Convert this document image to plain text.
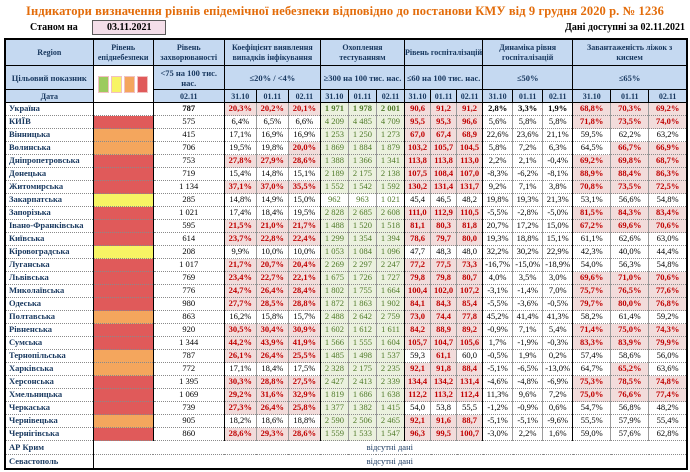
Індикатори визначення рівнів епідемічної небезпеки відповідно до постанови КМУ від 9 грудня 2020 р. № 1236
Станом на	03.11.2021	Дані доступні за 02.11.2021
Region	Рівень епіднебезпеки	Рівень захворюваності	Коефіцієнт виявлення випадків інфікування			Охоплення тестуванням			Рівень госпіталізацій			Динаміка рівня госпіталізацій			Завантаженість ліжок з киснем		
Цільовий показник		<75 на 100 тис. нас.	≤20% / <4%			≥300 на 100 тис. нас.			≤60 на 100 тис. нас.			≤50%			≤65%		
Дата		02.11	31.10	01.11	02.11	31.10	01.11	02.11	31.10	01.11	02.11	31.10	01.11	02.11	31.10	01.11	02.11
Україна		787	20,3%	20,2%	20,1%	1 971	1 978	2 001	90,6	91,2	91,2	2,8%	3,3%	1,9%	68,8%	70,3%	69,2%
КИЇВ		575	6,4%	6,5%	6,6%	4 209	4 485	4 709	95,5	95,3	96,6	5,6%	5,8%	5,8%	71,8%	73,5%	74,0%
Вінницька		415	17,1%	16,9%	16,9%	1 253	1 250	1 273	67,0	67,4	68,9	22,6%	23,6%	21,1%	59,5%	62,2%	63,2%
Волинська		706	19,5%	19,8%	20,0%	1 869	1 884	1 879	103,2	105,7	104,5	5,8%	7,2%	6,3%	64,5%	66,7%	66,9%
Дніпропетровська		753	27,8%	27,9%	28,6%	1 388	1 366	1 341	113,8	113,8	113,0	2,2%	2,1%	-0,4%	69,2%	69,8%	68,7%
Донецька		719	15,4%	14,8%	15,1%	2 189	2 175	2 138	107,5	108,4	107,0	-8,3%	-6,2%	-8,1%	88,9%	88,4%	86,3%
Житомирська		1 134	37,1%	37,0%	35,5%	1 552	1 542	1 592	130,2	131,4	131,7	9,2%	7,1%	3,8%	70,8%	73,5%	72,5%
Закарпатська		285	14,8%	14,9%	15,0%	962	963	1 021	45,4	46,5	48,2	19,8%	19,3%	21,3%	53,1%	56,6%	54,8%
Запорізька		1 021	17,4%	18,4%	19,5%	2 828	2 685	2 608	111,0	112,9	110,5	-5,5%	-2,8%	-5,0%	81,5%	84,3%	83,4%
Івано-Франківська		595	21,5%	21,0%	21,7%	1 488	1 520	1 518	81,1	80,3	81,8	20,7%	17,2%	15,0%	67,2%	69,6%	70,6%
Київська		614	23,7%	22,8%	22,4%	1 299	1 354	1 394	78,6	79,7	80,0	19,3%	18,8%	15,1%	61,1%	62,6%	63,0%
Кіровоградська		208	9,9%	10,0%	10,0%	1 053	1 084	1 096	47,7	48,3	48,0	32,2%	30,2%	22,9%	42,3%	40,0%	44,4%
Луганська		1 017	21,7%	20,7%	20,4%	2 269	2 297	2 247	77,2	77,5	73,3	-16,7%	-15,0%	-18,9%	54,0%	56,3%	54,8%
Львівська		769	23,4%	22,7%	22,1%	1 675	1 726	1 727	79,8	79,8	80,7	4,0%	3,5%	3,0%	69,6%	71,0%	70,6%
Миколаївська		776	24,7%	26,4%	28,4%	1 802	1 755	1 664	100,4	102,0	107,2	-3,1%	-1,4%	7,0%	75,7%	76,5%	77,6%
Одеська		980	27,7%	28,5%	28,8%	1 872	1 863	1 902	84,1	84,3	85,4	-5,5%	-3,6%	-0,5%	79,7%	80,0%	76,8%
Полтавська		863	16,2%	15,8%	15,7%	2 488	2 642	2 759	73,0	74,4	77,8	45,2%	41,4%	41,3%	58,2%	61,4%	59,2%
Рівненська		920	30,5%	30,4%	30,9%	1 602	1 612	1 611	84,2	88,9	89,2	-0,9%	7,1%	5,4%	71,4%	75,0%	74,3%
Сумська		1 344	44,2%	43,9%	41,9%	1 566	1 555	1 604	105,7	104,7	105,6	1,7%	-1,9%	-0,3%	83,3%	83,9%	79,9%
Тернопільська		787	26,1%	26,4%	25,5%	1 485	1 498	1 537	59,3	61,1	60,0	-0,5%	1,9%	0,2%	57,4%	58,6%	56,0%
Харківська		772	17,1%	18,4%	17,5%	2 328	2 175	2 235	92,1	91,8	88,4	-5,1%	-6,5%	-13,0%	64,7%	65,2%	63,6%
Херсонська		1 395	30,3%	28,8%	27,5%	2 427	2 413	2 339	134,4	134,2	131,4	-4,6%	-4,8%	-6,9%	75,3%	78,5%	74,8%
Хмельницька		1 069	29,2%	31,6%	32,9%	1 819	1 686	1 638	112,2	113,2	112,4	11,3%	9,6%	7,2%	75,0%	76,6%	77,4%
Черкаська		739	27,3%	26,4%	25,8%	1 377	1 382	1 415	54,0	53,8	55,5	-1,2%	-0,9%	0,6%	54,7%	56,8%	48,2%
Чернівецька		905	18,2%	18,6%	18,8%	2 590	2 506	2 465	92,1	91,6	88,7	-5,1%	-5,1%	-9,6%	55,5%	57,9%	55,4%
Чернігівська		860	28,6%	29,3%	28,6%	1 559	1 533	1 547	96,3	99,5	100,7	-3,0%	2,2%	1,6%	59,0%	57,6%	62,8%
АР Крим	відсутні дані																
Севастополь	відсутні дані																
